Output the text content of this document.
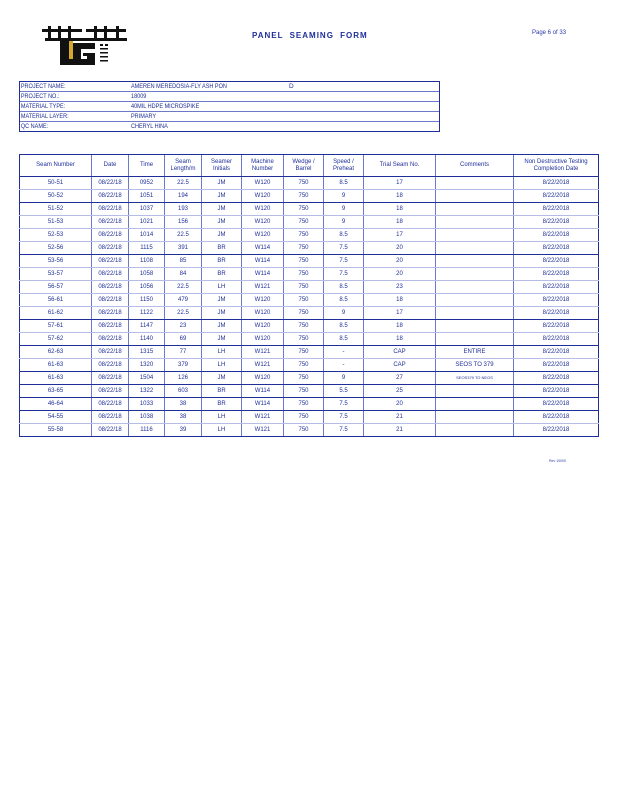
PANEL SEAMING FORM	Page 6 of 33
PROJECT NAME:	AMEREN MEREDOSIA-FLY ASH PON	D
PROJECT NO.:	18009
MATERIAL TYPE:	40MIL HDPE MICROSPIKE
MATERIAL LAYER:	PRIMARY
QC NAME:	CHERYL HINA
Seam Number	Date	Time	Seam Length/m	Seamer Initials	Machine Number	Wedge / Barrel	Speed / Preheat	Trial Seam No.	Comments	Non Destructive Testing Completion Date
50-51	08/22/18	0952	22.5	JM	W120	750	8.5	17		8/22/2018
50-52	08/22/18	1051	194	JM	W120	750	9	18		8/22/2018
51-52	08/22/18	1037	193	JM	W120	750	9	18		8/22/2018
51-53	08/22/18	1021	156	JM	W120	750	9	18		8/22/2018
52-53	08/22/18	1014	22.5	JM	W120	750	8.5	17		8/22/2018
52-56	08/22/18	1115	391	BR	W114	750	7.5	20		8/22/2018
53-56	08/22/18	1108	85	BR	W114	750	7.5	20		8/22/2018
53-57	08/22/18	1058	84	BR	W114	750	7.5	20		8/22/2018
56-57	08/22/18	1056	22.5	LH	W121	750	8.5	23		8/22/2018
56-61	08/22/18	1150	479	JM	W120	750	8.5	18		8/22/2018
61-62	08/22/18	1122	22.5	JM	W120	750	9	17		8/22/2018
57-61	08/22/18	1147	23	JM	W120	750	8.5	18		8/22/2018
57-62	08/22/18	1140	69	JM	W120	750	8.5	18		8/22/2018
62-63	08/22/18	1315	77	LH	W121	750	-	CAP	ENTIRE	8/22/2018
61-63	08/22/18	1320	379	LH	W121	750	-	CAP	SEOS TO 379	8/22/2018
61-63	08/22/18	1504	126	JM	W120	750	9	27	SEOS379 TO NEOS	8/22/2018
63-65	08/22/18	1322	603	BR	W114	750	5.5	25		8/22/2018
46-64	08/22/18	1033	38	BR	W114	750	7.5	20		8/22/2018
54-55	08/22/18	1038	38	LH	W121	750	7.5	21		8/22/2018
55-58	08/22/18	1116	39	LH	W121	750	7.5	21		8/22/2018
Rev 10000
